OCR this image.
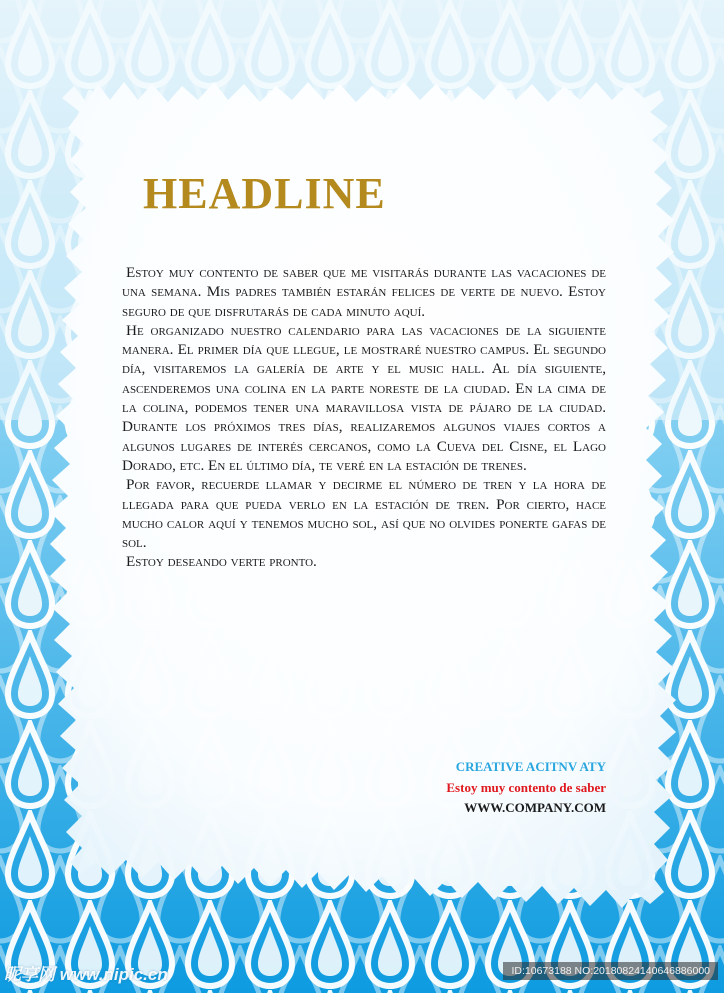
HEADLINE

Estoy muy contento de saber que me visitarás durante las vacaciones de una semana. Mis padres también estarán felices de verte de nuevo. Estoy seguro de que disfrutarás de cada minuto aquí.

He organizado nuestro calendario para las vacaciones de la siguiente manera. El primer día que llegue, le mostraré nuestro campus. El segundo día, visitaremos la galería de arte y el music hall. Al día siguiente, ascenderemos una colina en la parte noreste de la ciudad. En la cima de la colina, podemos tener una maravillosa vista de pájaro de la ciudad. Durante los próximos tres días, realizaremos algunos viajes cortos a algunos lugares de interés cercanos, como la Cueva del Cisne, el Lago Dorado, etc. En el último día, te veré en la estación de trenes.

Por favor, recuerde llamar y decirme el número de tren y la hora de llegada para que pueda verlo en la estación de tren. Por cierto, hace mucho calor aquí y tenemos mucho sol, así que no olvides ponerte gafas de sol.

Estoy deseando verte pronto.

CREATIVE ACITNV ATY
Estoy muy contento de saber
WWW.COMPANY.COM
昵享网 www.nipic.cn	ID:10673188 NO:20180824140646886000
